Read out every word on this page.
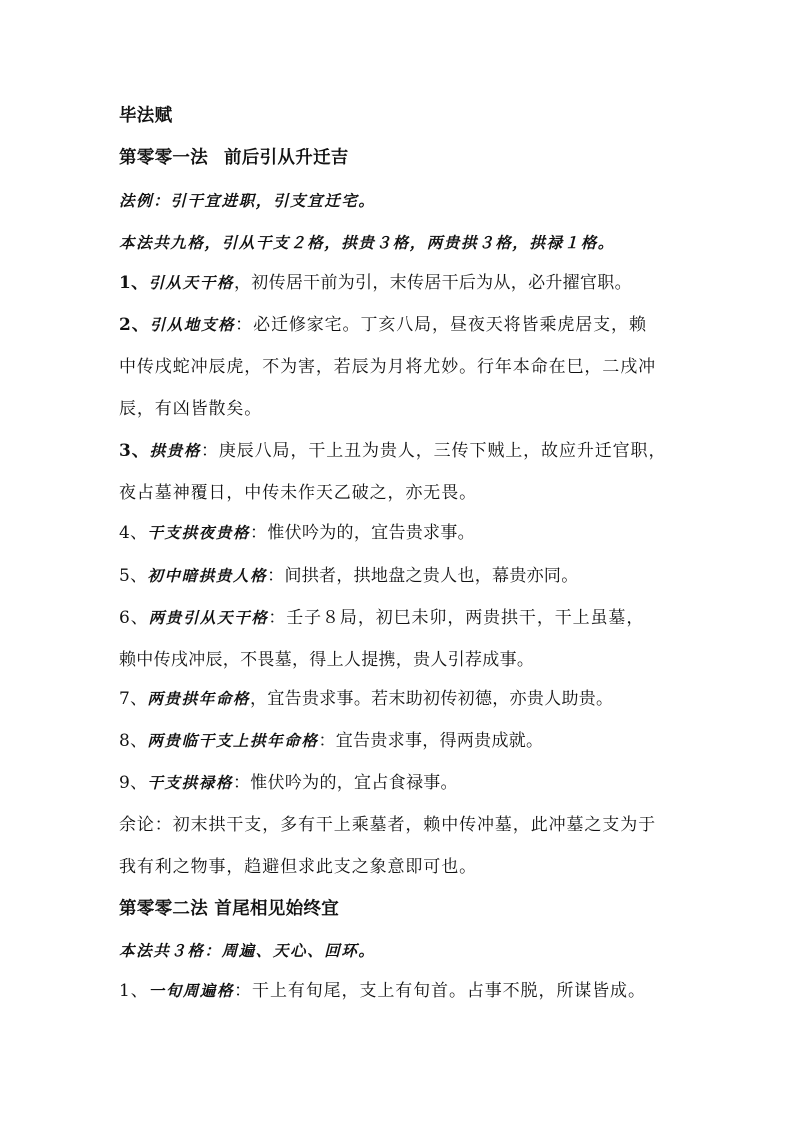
毕法赋
第零零一法 前后引从升迁吉
法例：引干宜进职，引支宜迁宅。
本法共九格，引从干支２格，拱贵３格，两贵拱３格，拱禄１格。
1、引从天干格，初传居干前为引，末传居干后为从，必升擢官职。
2、引从地支格：必迁修家宅。丁亥八局，昼夜天将皆乘虎居支，赖
中传戌蛇冲辰虎，不为害，若辰为月将尤妙。行年本命在巳，二戌冲
辰，有凶皆散矣。
3、拱贵格：庚辰八局，干上丑为贵人，三传下贼上，故应升迁官职，
夜占墓神覆日，中传未作天乙破之，亦无畏。
4、干支拱夜贵格：惟伏吟为的，宜告贵求事。
5、初中暗拱贵人格：间拱者，拱地盘之贵人也，幕贵亦同。
6、两贵引从天干格：壬子８局，初巳未卯，两贵拱干，干上虽墓，
赖中传戌冲辰，不畏墓，得上人提携，贵人引荐成事。
7、两贵拱年命格，宜告贵求事。若末助初传初德，亦贵人助贵。
8、两贵临干支上拱年命格：宜告贵求事，得两贵成就。
9、干支拱禄格：惟伏吟为的，宜占食禄事。
余论：初末拱干支，多有干上乘墓者，赖中传冲墓，此冲墓之支为于
我有利之物事，趋避但求此支之象意即可也。
第零零二法 首尾相见始终宜
本法共３格：周遍、天心、回环。
1、一旬周遍格：干上有旬尾，支上有旬首。占事不脱，所谋皆成。
